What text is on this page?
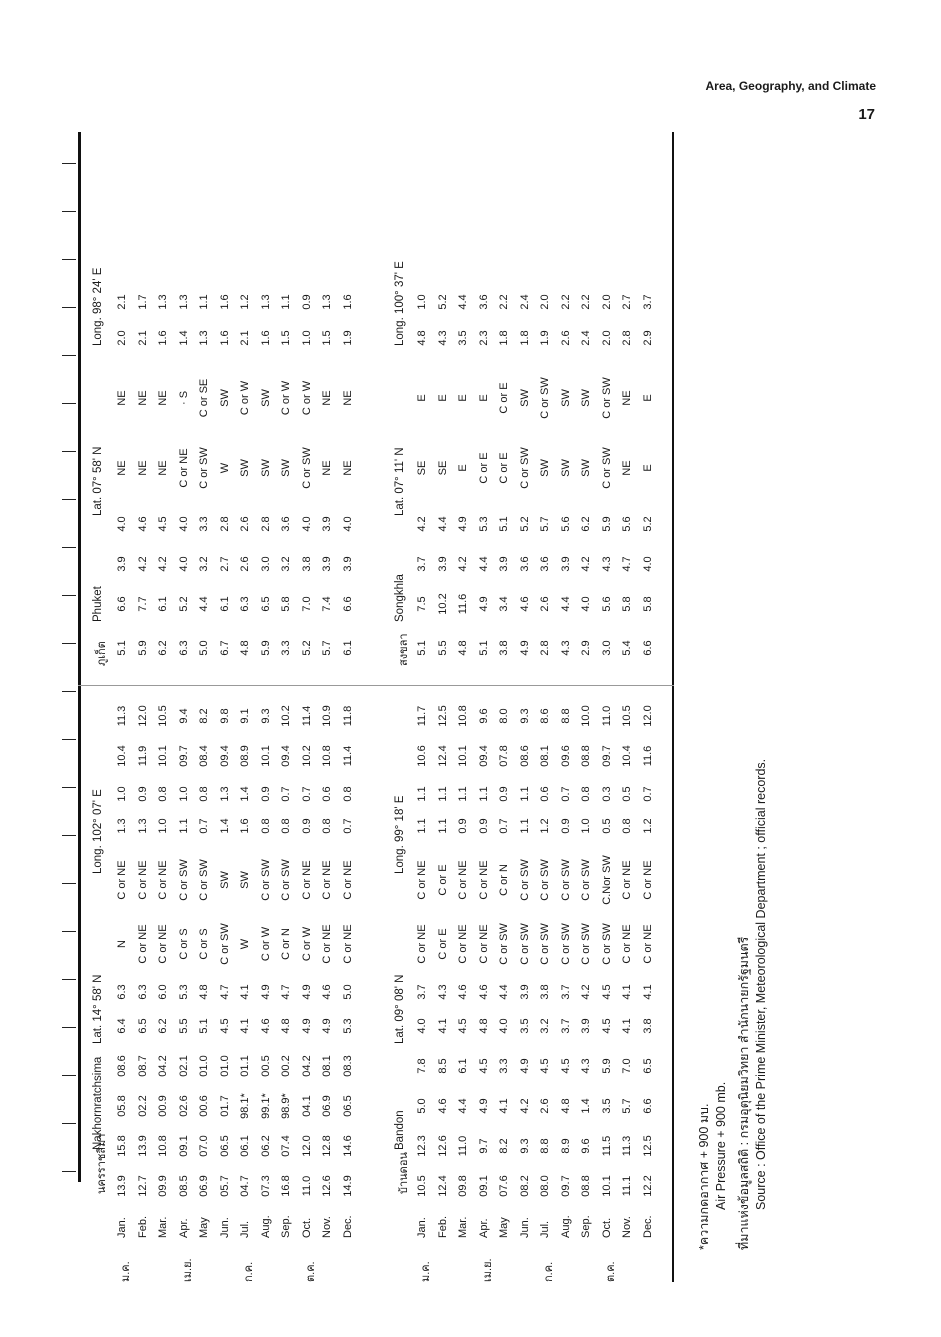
Area, Geography, and Climate
17
นครราชสีมา
Nakhornratchsima
Lat. 14° 58' N
Long. 102° 07' E
ม.ค.
Jan.
13.9
15.8
05.8
08.6
6.4
6.3
N
C or NE
1.3
1.0
10.4
11.3
Feb.
12.7
13.9
02.2
08.7
6.5
6.3
C or NE
C or NE
1.3
0.9
11.9
12.0
Mar.
09.9
10.8
00.9
04.2
6.2
6.0
C or NE
C or NE
1.0
0.8
10.1
10.5
เม.ย.
Apr.
08.5
09.1
02.6
02.1
5.5
5.3
C or S
C or SW
1.1
1.0
09.7
9.4
May
06.9
07.0
00.6
01.0
5.1
4.8
C or S
C or SW
0.7
0.8
08.4
8.2
Jun.
05.7
06.5
01.7
01.0
4.5
4.7
C or SW
SW
1.4
1.3
09.4
9.8
ก.ค.
Jul.
04.7
06.1
98.1*
01.1
4.1
4.1
W
SW
1.6
1.4
08.9
9.1
Aug.
07.3
06.2
99.1*
00.5
4.6
4.9
C or W
C or SW
0.8
0.9
10.1
9.3
Sep.
16.8
07.4
98.9*
00.2
4.8
4.7
C or N
C or SW
0.8
0.7
09.4
10.2
ต.ค.
Oct.
11.0
12.0
04.1
04.2
4.9
4.9
C or W
C or NE
0.9
0.7
10.2
11.4
Nov.
12.6
12.8
06.9
08.1
4.9
4.6
C or NE
C or NE
0.8
0.6
10.8
10.9
Dec.
14.9
14.6
06.5
08.3
5.3
5.0
C or NE
C or NE
0.7
0.8
11.4
11.8
บ้านดอน
Bandon
Lat. 09° 08' N
Long. 99° 18' E
ม.ค.
Jan.
10.5
12.3
5.0
7.8
4.0
3.7
C or NE
C or NE
1.1
1.1
10.6
11.7
Feb.
12.4
12.6
4.6
8.5
4.1
4.3
C or E
C or E
1.1
1.1
12.4
12.5
Mar.
09.8
11.0
4.4
6.1
4.5
4.6
C or NE
C or NE
0.9
1.1
10.1
10.8
เม.ย.
Apr.
09.1
9.7
4.9
4.5
4.8
4.6
C or NE
C or NE
0.9
1.1
09.4
9.6
May
07.6
8.2
4.1
3.3
4.0
4.4
C or SW
C or N
0.7
0.9
07.8
8.0
Jun.
08.2
9.3
4.2
4.9
3.5
3.9
C or SW
C or SW
1.1
1.1
08.6
9.3
ก.ค.
Jul.
08.0
8.8
2.6
4.5
3.2
3.8
C or SW
C or SW
1.2
0.6
08.1
8.6
Aug.
09.7
8.9
4.8
4.5
3.7
3.7
C or SW
C or SW
0.9
0.7
09.6
8.8
Sep.
08.8
9.6
1.4
4.3
3.9
4.2
C or SW
C or SW
1.0
0.8
08.8
10.0
ต.ค.
Oct.
10.1
11.5
3.5
5.9
4.5
4.5
C or SW
C.Nor SW
0.5
0.3
09.7
11.0
Nov.
11.1
11.3
5.7
7.0
4.1
4.1
C or NE
C or NE
0.8
0.5
10.4
10.5
Dec.
12.2
12.5
6.6
6.5
3.8
4.1
C or NE
C or NE
1.2
0.7
11.6
12.0
ภูเก็ต
Phuket
Lat. 07° 58' N
Long. 98° 24' E
5.1
6.6
3.9
4.0
NE
NE
2.0
2.1
5.9
7.7
4.2
4.6
NE
NE
2.1
1.7
6.2
6.1
4.2
4.5
NE
NE
1.6
1.3
6.3
5.2
4.0
4.0
C or NE
· S
1.4
1.3
5.0
4.4
3.2
3.3
C or SW
C or SE
1.3
1.1
6.7
6.1
2.7
2.8
W
SW
1.6
1.6
4.8
6.3
2.6
2.6
SW
C or W
2.1
1.2
5.9
6.5
3.0
2.8
SW
SW
1.6
1.3
3.3
5.8
3.2
3.6
SW
C or W
1.5
1.1
5.2
7.0
3.8
4.0
C or SW
C or W
1.0
0.9
5.7
7.4
3.9
3.9
NE
NE
1.5
1.3
6.1
6.6
3.9
4.0
NE
NE
1.9
1.6
สงขลา
Songkhla
Lat. 07° 11' N
Long. 100° 37' E
5.1
7.5
3.7
4.2
SE
E
4.8
1.0
5.5
10.2
3.9
4.4
SE
E
4.3
5.2
4.8
11.6
4.2
4.9
E
E
3.5
4.4
5.1
4.9
4.4
5.3
C or E
E
2.3
3.6
3.8
3.4
3.9
5.1
C or E
C or E
1.8
2.2
4.9
4.6
3.6
5.2
C or SW
SW
1.8
2.4
2.8
2.6
3.6
5.7
SW
C or SW
1.9
2.0
4.3
4.4
3.9
5.6
SW
SW
2.6
2.2
2.9
4.0
4.2
6.2
SW
SW
2.4
2.2
3.0
5.6
4.3
5.9
C or SW
C or SW
2.0
2.0
5.4
5.8
4.7
5.6
NE
NE
2.8
2.7
6.6
5.8
4.0
5.2
E
E
2.9
3.7
*ความกดอากาศ + 900 มบ. Air Pressure + 900 mb. ที่มาแห่งข้อมูลสถิติ : กรมอุตุนิยมวิทยา สำนักนายกรัฐมนตรี Source : Office of the Prime Minister, Meteorological Department ; official records.
